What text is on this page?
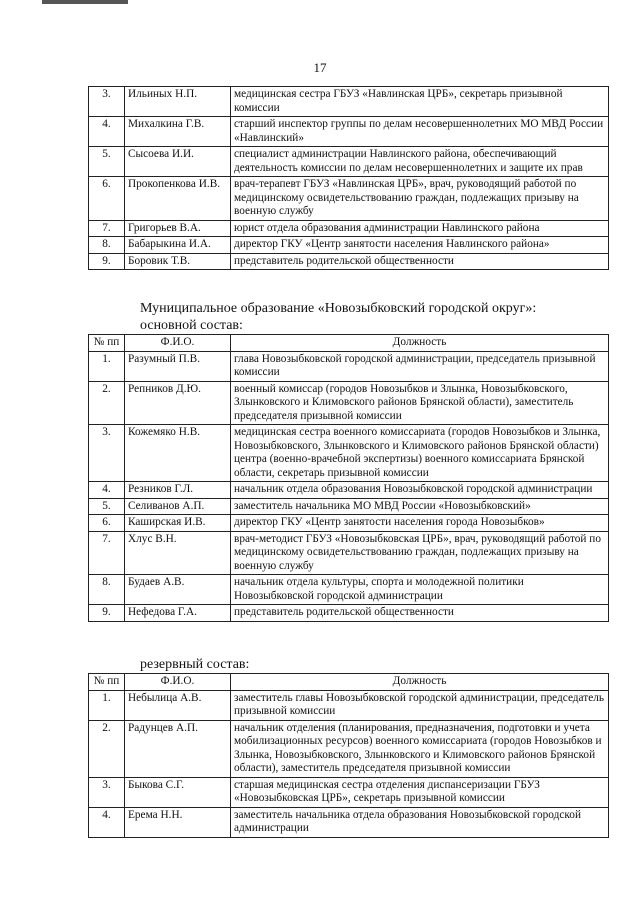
17
3.	Ильиных Н.П.	медицинская сестра ГБУЗ «Навлинская ЦРБ», секретарь призывной комиссии
4.	Михалкина Г.В.	старший инспектор группы по делам несовершеннолетних МО МВД России «Навлинский»
5.	Сысоева И.И.	специалист администрации Навлинского района, обеспечивающий деятельность комиссии по делам несовершеннолетних и защите их прав
6.	Прокопенкова И.В.	врач-терапевт ГБУЗ «Навлинская ЦРБ», врач, руководящий работой по медицинскому освидетельствованию граждан, подлежащих призыву на военную службу
7.	Григорьев В.А.	юрист отдела образования администрации Навлинского района
8.	Бабарыкина И.А.	директор ГКУ «Центр занятости населения Навлинского района»
9.	Боровик Т.В.	представитель родительской общественности
Муниципальное образование «Новозыбковский городской округ»:
основной состав:
№ пп	Ф.И.О.	Должность
1.	Разумный П.В.	глава Новозыбковской городской администрации, председатель призывной комиссии
2.	Репников Д.Ю.	военный комиссар (городов Новозыбков и Злынка, Новозыбковского, Злынковского и Климовского районов Брянской области), заместитель председателя призывной комиссии
3.	Кожемяко Н.В.	медицинская сестра военного комиссариата (городов Новозыбков и Злынка, Новозыбковского, Злынковского и Климовского районов Брянской области) центра (военно-врачебной экспертизы) военного комиссариата Брянской области, секретарь призывной комиссии
4.	Резников Г.Л.	начальник отдела образования Новозыбковской городской администрации
5.	Селиванов А.П.	заместитель начальника МО МВД России «Новозыбковский»
6.	Каширская И.В.	директор ГКУ «Центр занятости населения города Новозыбков»
7.	Хлус В.Н.	врач-методист ГБУЗ «Новозыбковская ЦРБ», врач, руководящий работой по медицинскому освидетельствованию граждан, подлежащих призыву на военную службу
8.	Будаев А.В.	начальник отдела культуры, спорта и молодежной политики Новозыбковской городской администрации
9.	Нефедова Г.А.	представитель родительской общественности
резервный состав:
№ пп	Ф.И.О.	Должность
1.	Небылица А.В.	заместитель главы Новозыбковской городской администрации, председатель призывной комиссии
2.	Радунцев А.П.	начальник отделения (планирования, предназначения, подготовки и учета мобилизационных ресурсов) военного комиссариата (городов Новозыбков и Злынка, Новозыбковского, Злынковского и Климовского районов Брянской области), заместитель председателя призывной комиссии
3.	Быкова С.Г.	старшая медицинская сестра отделения диспансеризации ГБУЗ «Новозыбковская ЦРБ», секретарь призывной комиссии
4.	Ерема Н.Н.	заместитель начальника отдела образования Новозыбковской городской администрации
